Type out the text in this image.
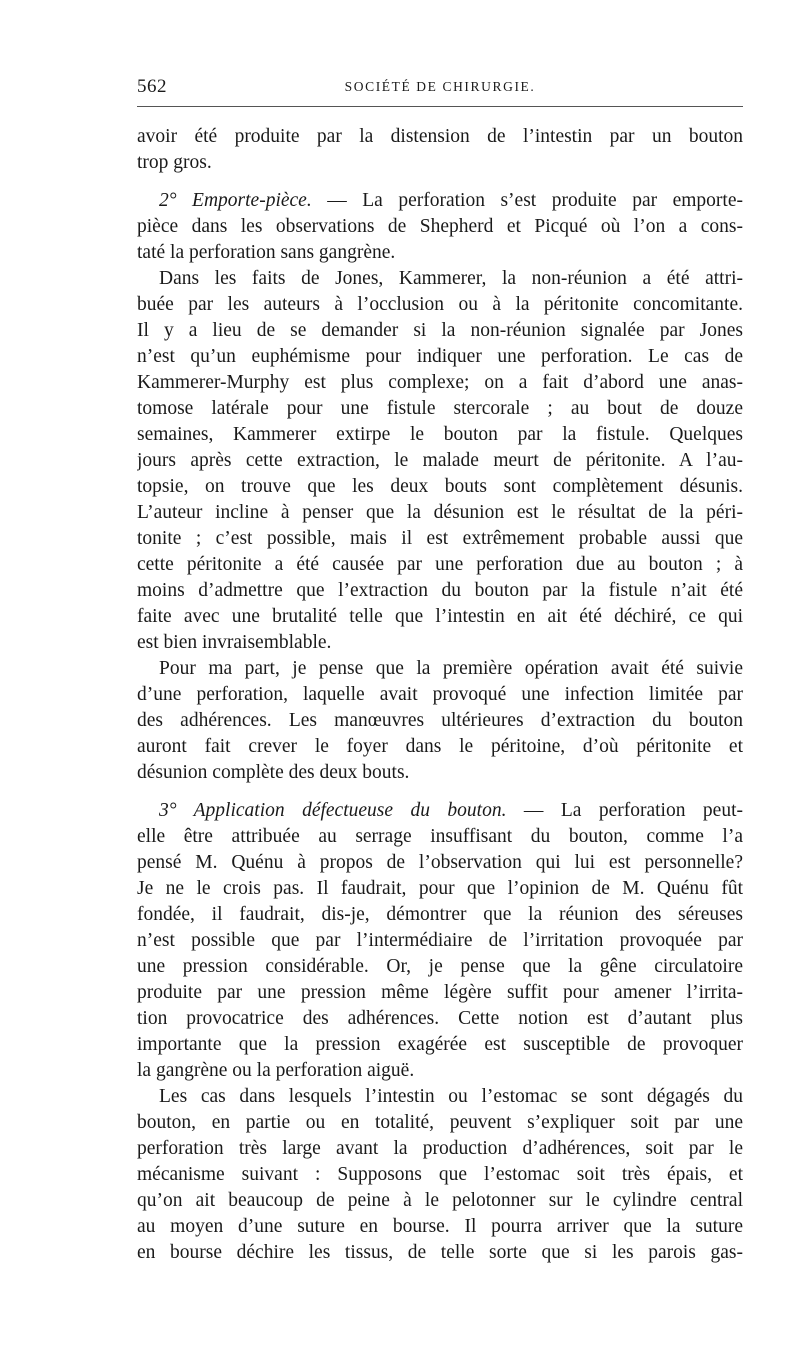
562	SOCIÉTÉ DE CHIRURGIE.
avoir été produite par la distension de l’intestin par un bouton
trop gros.
2° Emporte-pièce. — La perforation s’est produite par emporte-
pièce dans les observations de Shepherd et Picqué où l’on a cons-
taté la perforation sans gangrène.
Dans les faits de Jones, Kammerer, la non-réunion a été attri-
buée par les auteurs à l’occlusion ou à la péritonite concomitante.
Il y a lieu de se demander si la non-réunion signalée par Jones
n’est qu’un euphémisme pour indiquer une perforation. Le cas de
Kammerer-Murphy est plus complexe; on a fait d’abord une anas-
tomose latérale pour une fistule stercorale ; au bout de douze
semaines, Kammerer extirpe le bouton par la fistule. Quelques
jours après cette extraction, le malade meurt de péritonite. A l’au-
topsie, on trouve que les deux bouts sont complètement désunis.
L’auteur incline à penser que la désunion est le résultat de la péri-
tonite ; c’est possible, mais il est extrêmement probable aussi que
cette péritonite a été causée par une perforation due au bouton ; à
moins d’admettre que l’extraction du bouton par la fistule n’ait été
faite avec une brutalité telle que l’intestin en ait été déchiré, ce qui
est bien invraisemblable.
Pour ma part, je pense que la première opération avait été suivie
d’une perforation, laquelle avait provoqué une infection limitée par
des adhérences. Les manœuvres ultérieures d’extraction du bouton
auront fait crever le foyer dans le péritoine, d’où péritonite et
désunion complète des deux bouts.
3° Application défectueuse du bouton. — La perforation peut-
elle être attribuée au serrage insuffisant du bouton, comme l’a
pensé M. Quénu à propos de l’observation qui lui est personnelle?
Je ne le crois pas. Il faudrait, pour que l’opinion de M. Quénu fût
fondée, il faudrait, dis-je, démontrer que la réunion des séreuses
n’est possible que par l’intermédiaire de l’irritation provoquée par
une pression considérable. Or, je pense que la gêne circulatoire
produite par une pression même légère suffit pour amener l’irrita-
tion provocatrice des adhérences. Cette notion est d’autant plus
importante que la pression exagérée est susceptible de provoquer
la gangrène ou la perforation aiguë.
Les cas dans lesquels l’intestin ou l’estomac se sont dégagés du
bouton, en partie ou en totalité, peuvent s’expliquer soit par une
perforation très large avant la production d’adhérences, soit par le
mécanisme suivant : Supposons que l’estomac soit très épais, et
qu’on ait beaucoup de peine à le pelotonner sur le cylindre central
au moyen d’une suture en bourse. Il pourra arriver que la suture
en bourse déchire les tissus, de telle sorte que si les parois gas-
